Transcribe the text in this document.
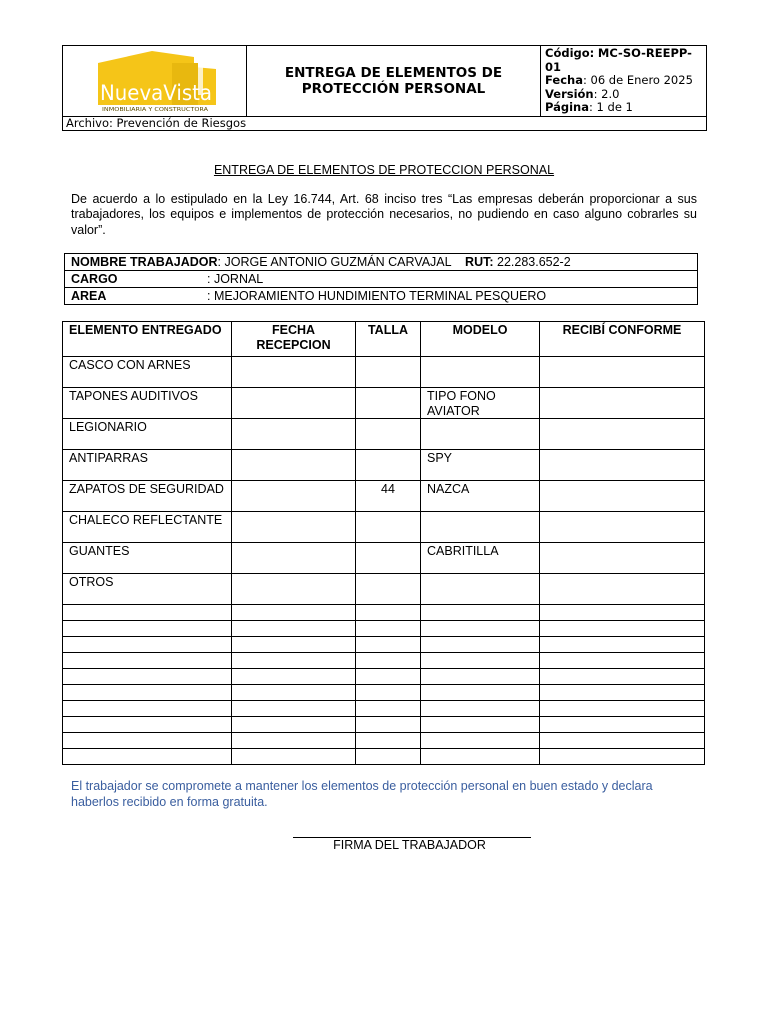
NuevaVista
INMOBILIARIA Y CONSTRUCTORA
	ENTREGA DE ELEMENTOS DE PROTECCIÓN PERSONAL	
Código: MC-SO-REEPP-01
Fecha: 06 de Enero 2025
Versión: 2.0
Página: 1 de 1

Archivo: Prevención de Riesgos
ENTREGA DE ELEMENTOS DE PROTECCION PERSONAL
De acuerdo a lo estipulado en la Ley 16.744, Art. 68 inciso tres “Las empresas deberán proporcionar a sus trabajadores, los equipos e implementos de protección necesarios, no pudiendo en caso alguno cobrarles su valor”.
NOMBRE TRABAJADOR: JORGE ANTONIO GUZMÁN CARVAJAL RUT: 22.283.652-2
CARGO	: JORNAL
AREA	: MEJORAMIENTO HUNDIMIENTO TERMINAL PESQUERO
ELEMENTO ENTREGADO	FECHA RECEPCION	TALLA	MODELO	RECIBÍ CONFORME
CASCO CON ARNES				
TAPONES AUDITIVOS			TIPO FONO AVIATOR	
LEGIONARIO				
ANTIPARRAS			SPY	
ZAPATOS DE SEGURIDAD		44	NAZCA	
CHALECO REFLECTANTE				
GUANTES			CABRITILLA	
OTROS				

El trabajador se compromete a mantener los elementos de protección personal en buen estado y declara haberlos recibido en forma gratuita.
FIRMA DEL TRABAJADOR
